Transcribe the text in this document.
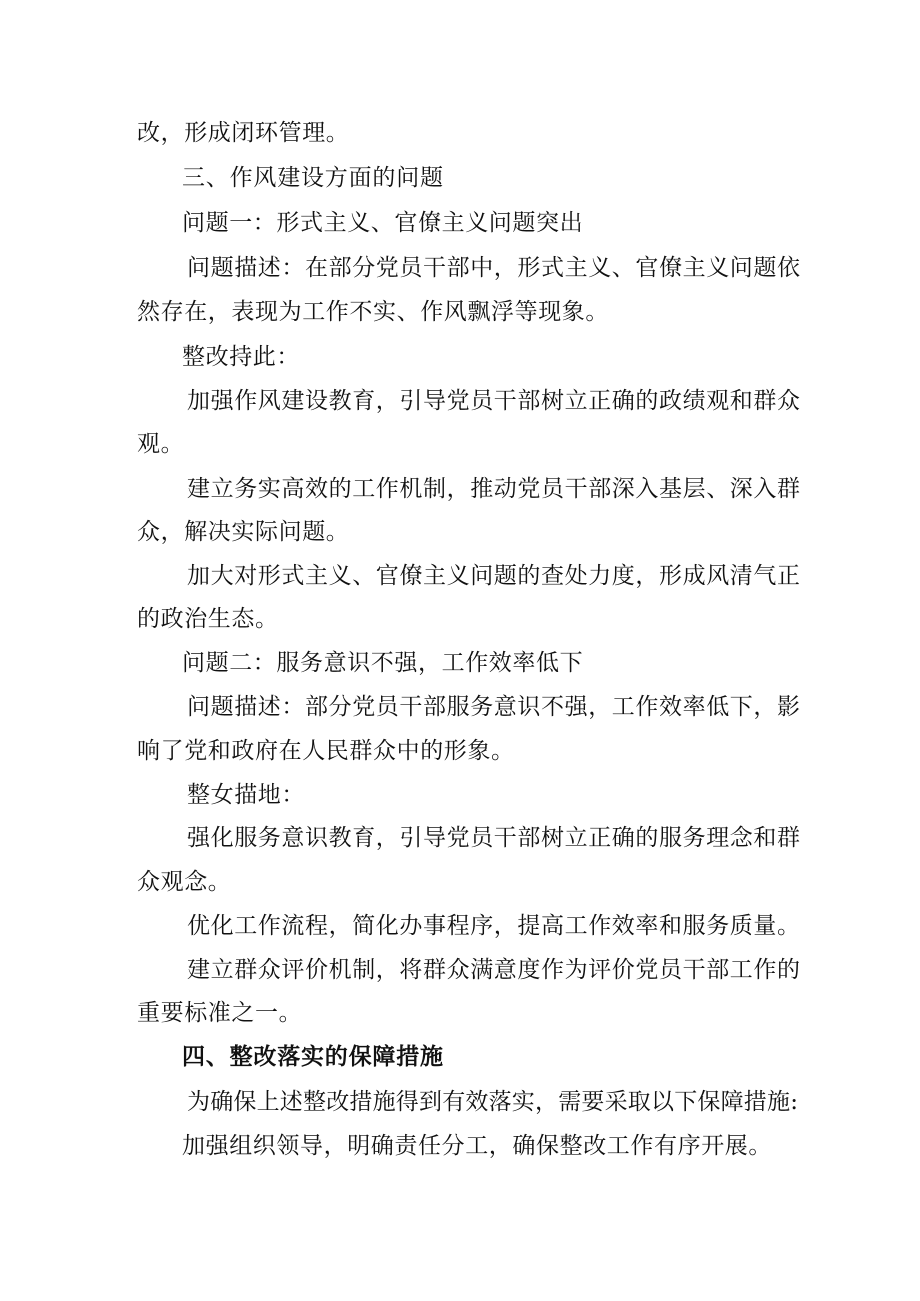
改，形成闭环管理。
三、作风建设方面的问题
问题一：形式主义、官僚主义问题突出
问题描述：在部分党员干部中，形式主义、官僚主义问题依
然存在，表现为工作不实、作风飘浮等现象。
整改持此：
加强作风建设教育，引导党员干部树立正确的政绩观和群众
观。
建立务实高效的工作机制，推动党员干部深入基层、深入群
众，解决实际问题。
加大对形式主义、官僚主义问题的查处力度，形成风清气正
的政治生态。
问题二：服务意识不强，工作效率低下
问题描述：部分党员干部服务意识不强，工作效率低下，影
响了党和政府在人民群众中的形象。
整女描地：
强化服务意识教育，引导党员干部树立正确的服务理念和群
众观念。
优化工作流程，简化办事程序，提高工作效率和服务质量。
建立群众评价机制，将群众满意度作为评价党员干部工作的
重要标准之一。
四、整改落实的保障措施
为确保上述整改措施得到有效落实，需要采取以下保障措施:
加强组织领导，明确责任分工，确保整改工作有序开展。
